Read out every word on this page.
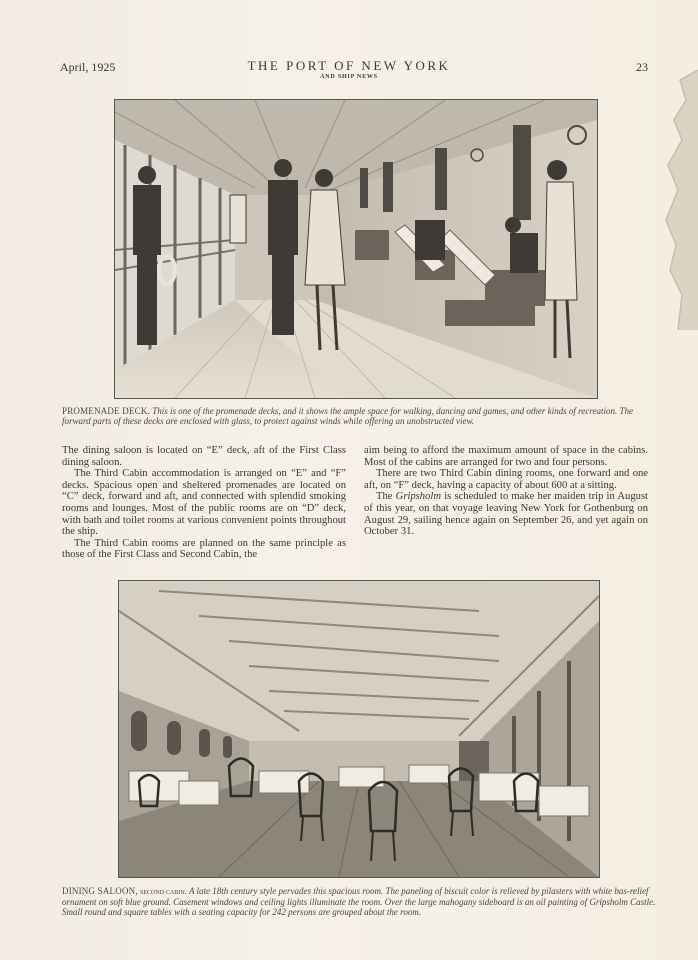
April, 1925	THE PORT OF NEW YORK
AND SHIP NEWS
23
PROMENADE DECK. This is one of the promenade decks, and it shows the ample space for walking, dancing and games, and other kinds of recreation. The forward parts of these decks are enclosed with glass, to protect against winds while offering an unobstructed view.

The dining saloon is located on “E” deck, aft of the First Class dining saloon.

The Third Cabin accommodation is arranged on “E” and “F” decks. Spacious open and sheltered promenades are located on “C” deck, forward and aft, and connected with splendid smoking rooms and lounges. Most of the public rooms are on “D” deck, with bath and toilet rooms at various convenient points throughout the ship.

The Third Cabin rooms are planned on the same principle as those of the First Class and Second Cabin, the

aim being to afford the maximum amount of space in the cabins. Most of the cabins are arranged for two and four persons.

There are two Third Cabin dining rooms, one forward and one aft, on “F” deck, having a capacity of about 600 at a sitting.

The Gripsholm is scheduled to make her maiden trip in August of this year, on that voyage leaving New York for Gothenburg on August 29, sailing hence again on September 26, and yet again on October 31.

DINING SALOON, second cabin. A late 18th century style pervades this spacious room. The paneling of biscuit color is relieved by pilasters with white bas-relief ornament on soft blue ground. Casement windows and ceiling lights illuminate the room. Over the large mahogany sideboard is an oil painting of Gripsholm Castle. Small round and square tables with a seating capacity for 242 persons are grouped about the room.
